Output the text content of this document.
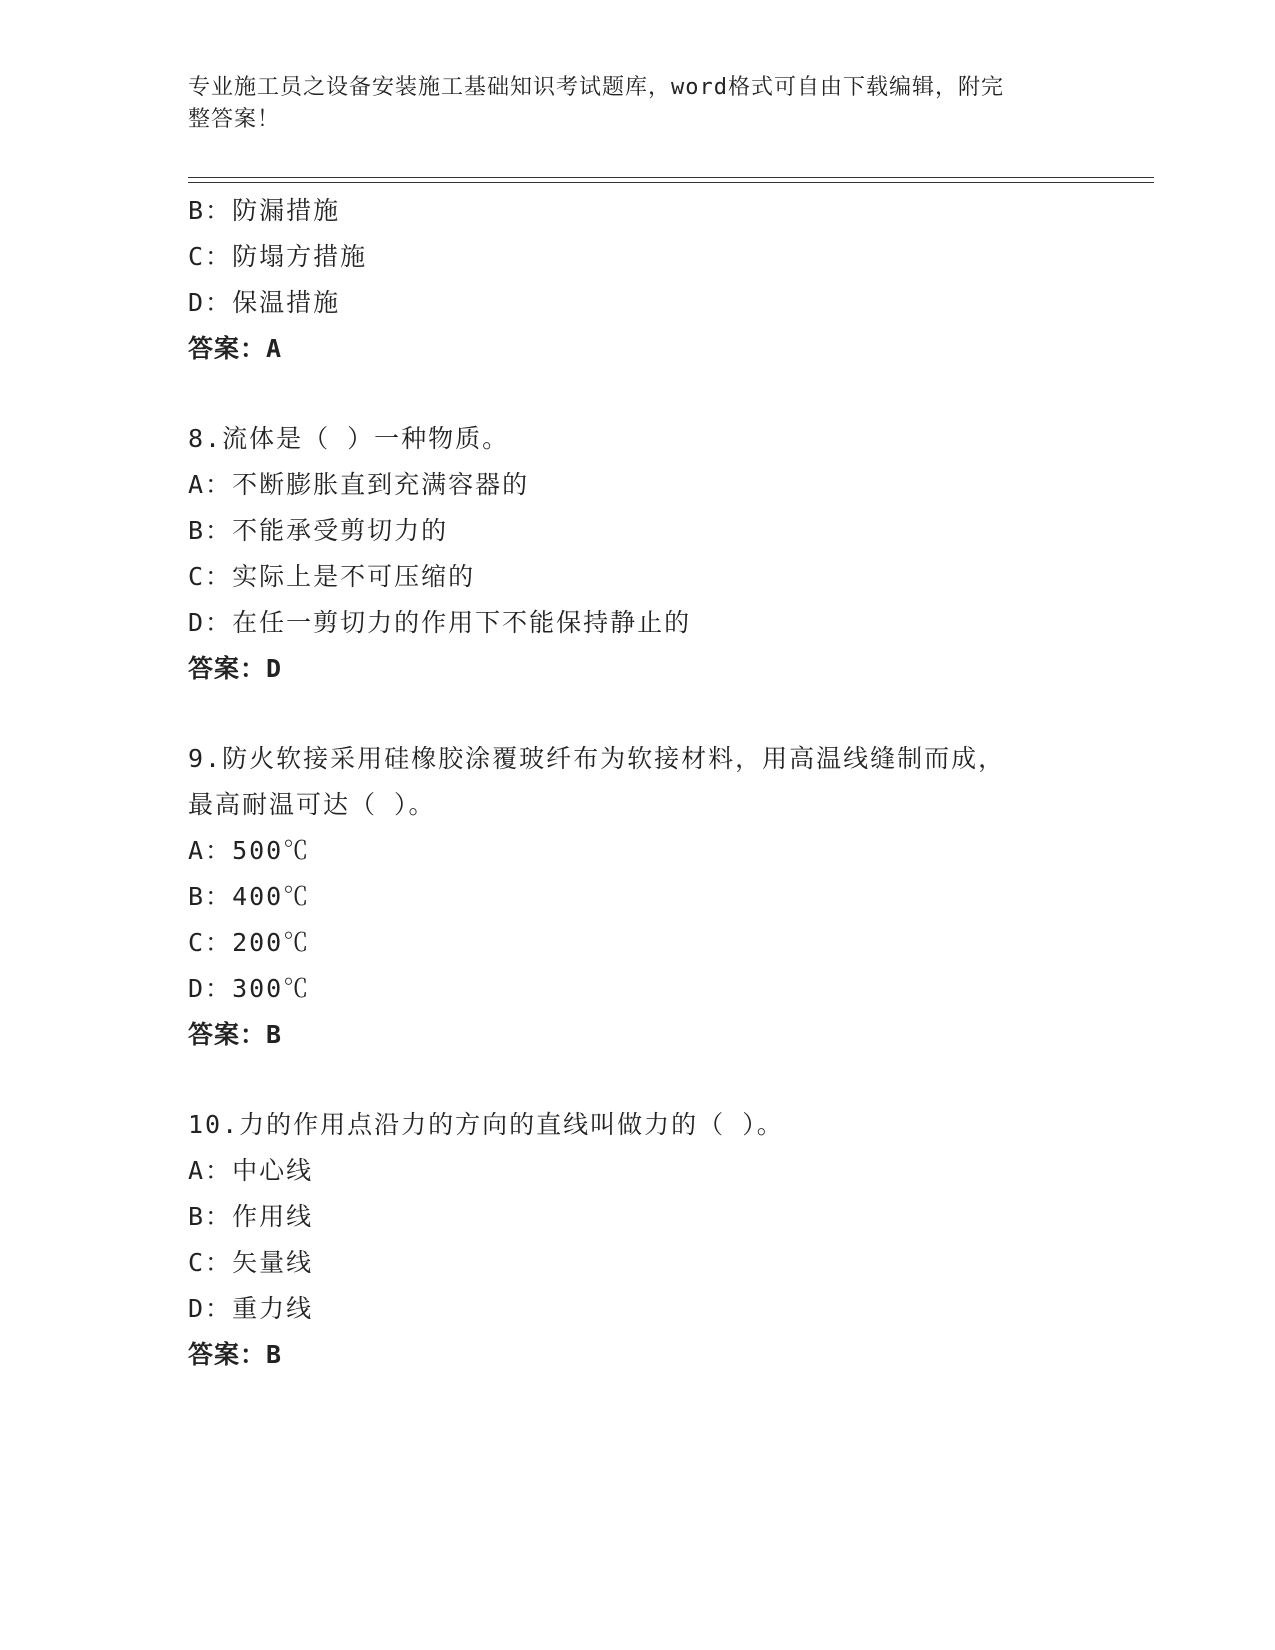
专业施工员之设备安装施工基础知识考试题库，word格式可自由下载编辑，附完
整答案！
B：防漏措施
C：防塌方措施
D：保温措施
答案：A
8.流体是（ ）一种物质。
A：不断膨胀直到充满容器的
B：不能承受剪切力的
C：实际上是不可压缩的
D：在任一剪切力的作用下不能保持静止的
答案：D
9.防火软接采用硅橡胶涂覆玻纤布为软接材料，用高温线缝制而成，
最高耐温可达（ ）。
A：500℃
B：400℃
C：200℃
D：300℃
答案：B
10.力的作用点沿力的方向的直线叫做力的（ ）。
A：中心线
B：作用线
C：矢量线
D：重力线
答案：B
